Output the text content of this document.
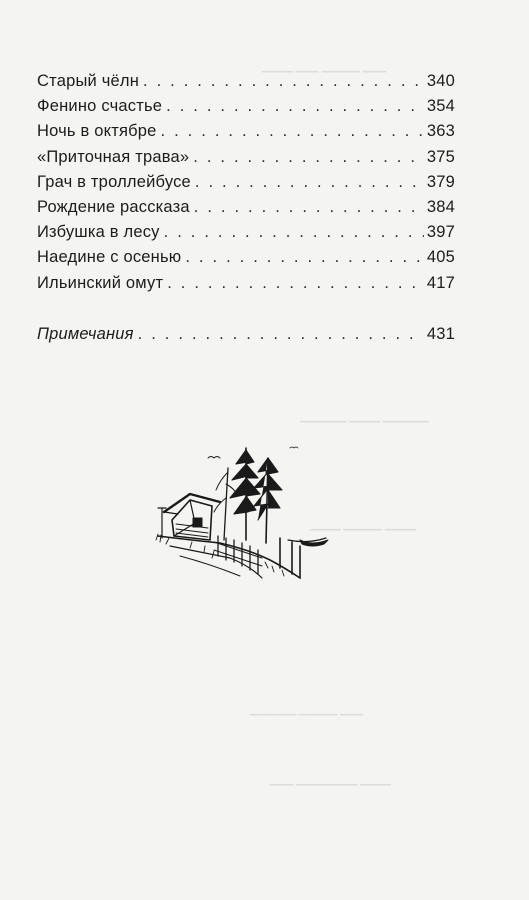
Старый чёлн . . .	340
Фенино счастье . . .	354
Ночь в октябре . . .	363
«Приточная трава» . . .	375
Грач в троллейбусе . . .	379
Рождение рассказа . . .	384
Избушка в лесу . . .	397
Наедине с осенью . . .	405
Ильинский омут . . .	417
Примечания . . .	431
▁▁▁▁ ▁▁▁ ▁▁▁▁▁ ▁▁▁
▁▁▁▁▁▁ ▁▁▁▁ ▁▁▁▁▁▁
▁▁▁▁ ▁▁▁▁▁ ▁▁▁▁
▁▁▁▁▁▁ ▁▁▁▁▁ ▁▁▁
▁▁▁ ▁▁▁▁▁▁▁▁ ▁▁▁▁
